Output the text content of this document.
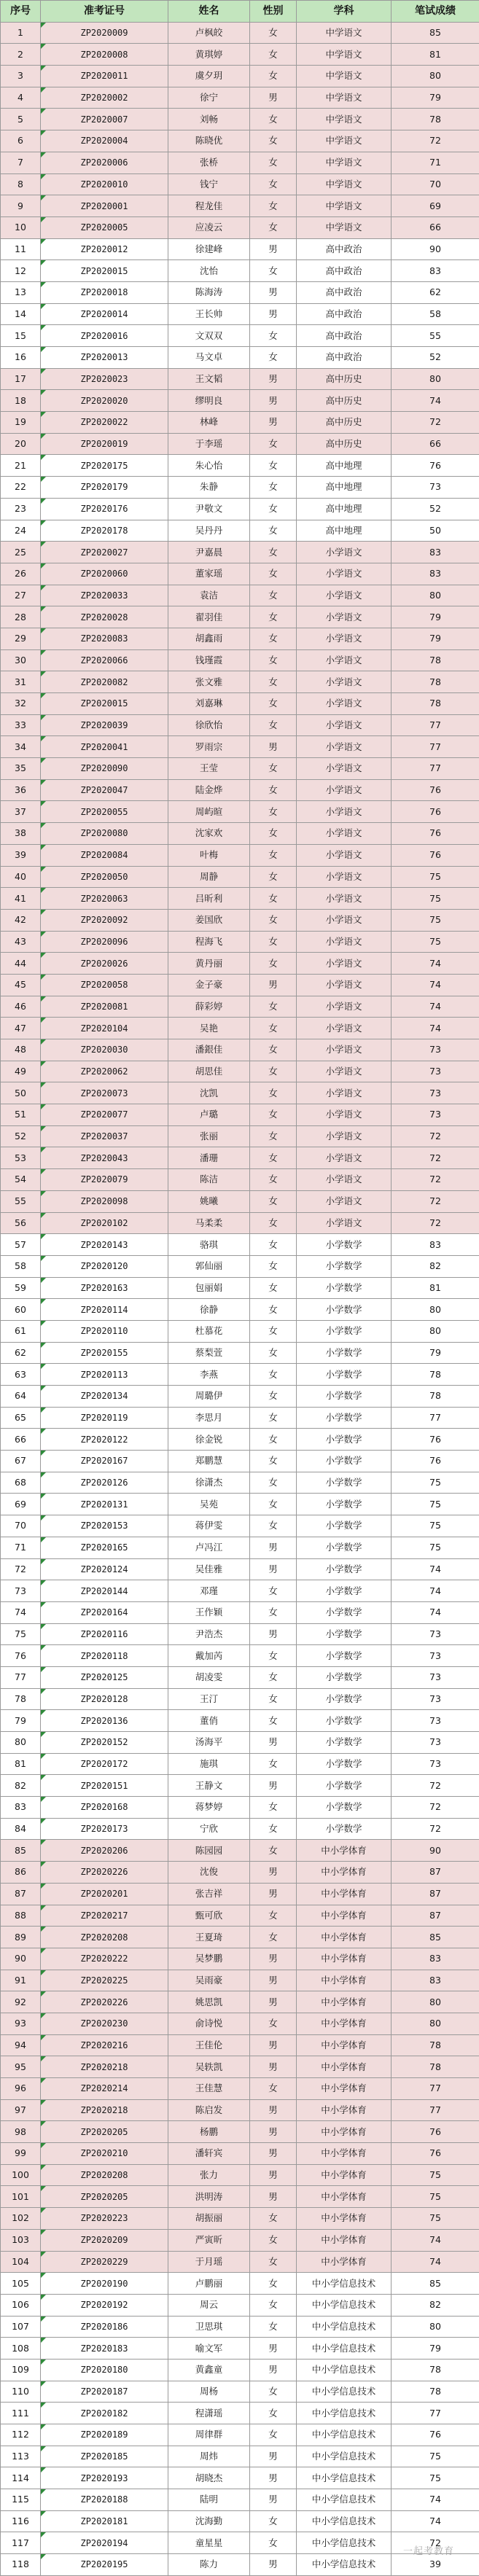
序号	准考证号	姓名	性别	学科	笔试成绩
1	ZP2020009	卢枫皎	女	中学语文	85
2	ZP2020008	黄琪婷	女	中学语文	81
3	ZP2020011	虞夕玥	女	中学语文	80
4	ZP2020002	徐宁	男	中学语文	79
5	ZP2020007	刘畅	女	中学语文	78
6	ZP2020004	陈晓优	女	中学语文	72
7	ZP2020006	张桥	女	中学语文	71
8	ZP2020010	钱宁	女	中学语文	70
9	ZP2020001	程龙佳	女	中学语文	69
10	ZP2020005	应凌云	女	中学语文	66
11	ZP2020012	徐建峰	男	高中政治	90
12	ZP2020015	沈怡	女	高中政治	83
13	ZP2020018	陈海涛	男	高中政治	62
14	ZP2020014	王长帅	男	高中政治	58
15	ZP2020016	文双双	女	高中政治	55
16	ZP2020013	马文卓	女	高中政治	52
17	ZP2020023	王文韬	男	高中历史	80
18	ZP2020020	缪明良	男	高中历史	74
19	ZP2020022	林峰	男	高中历史	72
20	ZP2020019	于李瑶	女	高中历史	66
21	ZP2020175	朱心怡	女	高中地理	76
22	ZP2020179	朱静	女	高中地理	73
23	ZP2020176	尹敬文	女	高中地理	52
24	ZP2020178	吴丹丹	女	高中地理	50
25	ZP2020027	尹嘉晨	女	小学语文	83
26	ZP2020060	董家瑶	女	小学语文	83
27	ZP2020033	袁洁	女	小学语文	80
28	ZP2020028	翟羽佳	女	小学语文	79
29	ZP2020083	胡鑫雨	女	小学语文	79
30	ZP2020066	钱瑾霞	女	小学语文	78
31	ZP2020082	张文雅	女	小学语文	78
32	ZP2020015	刘嘉琳	女	小学语文	78
33	ZP2020039	徐欣怡	女	小学语文	77
34	ZP2020041	罗雨宗	男	小学语文	77
35	ZP2020090	王莹	女	小学语文	77
36	ZP2020047	陆金烨	女	小学语文	76
37	ZP2020055	周屿暄	女	小学语文	76
38	ZP2020080	沈家欢	女	小学语文	76
39	ZP2020084	叶梅	女	小学语文	76
40	ZP2020050	周静	女	小学语文	75
41	ZP2020063	吕昕利	女	小学语文	75
42	ZP2020092	姜国欣	女	小学语文	75
43	ZP2020096	程海飞	女	小学语文	75
44	ZP2020026	黄丹丽	女	小学语文	74
45	ZP2020058	金子豪	男	小学语文	74
46	ZP2020081	薛彩婷	女	小学语文	74
47	ZP2020104	吴艳	女	小学语文	74
48	ZP2020030	潘銀佳	女	小学语文	73
49	ZP2020062	胡思佳	女	小学语文	73
50	ZP2020073	沈凯	女	小学语文	73
51	ZP2020077	卢璐	女	小学语文	73
52	ZP2020037	张丽	女	小学语文	72
53	ZP2020043	潘珊	女	小学语文	72
54	ZP2020079	陈洁	女	小学语文	72
55	ZP2020098	姚曦	女	小学语文	72
56	ZP2020102	马柔柔	女	小学语文	72
57	ZP2020143	骆琪	女	小学数学	83
58	ZP2020120	郭仙丽	女	小学数学	82
59	ZP2020163	包丽娟	女	小学数学	81
60	ZP2020114	徐静	女	小学数学	80
61	ZP2020110	杜慕花	女	小学数学	80
62	ZP2020155	蔡梨萱	女	小学数学	79
63	ZP2020113	李燕	女	小学数学	78
64	ZP2020134	周璐伊	女	小学数学	78
65	ZP2020119	李思月	女	小学数学	77
66	ZP2020122	徐金锐	女	小学数学	76
67	ZP2020167	郑鹏慧	女	小学数学	76
68	ZP2020126	徐潇杰	女	小学数学	75
69	ZP2020131	吴苑	女	小学数学	75
70	ZP2020153	蒋伊雯	女	小学数学	75
71	ZP2020165	卢冯江	男	小学数学	75
72	ZP2020124	吴佳雅	男	小学数学	74
73	ZP2020144	邓瑾	女	小学数学	74
74	ZP2020164	王作颖	女	小学数学	74
75	ZP2020116	尹浩杰	男	小学数学	73
76	ZP2020118	戴加芮	女	小学数学	73
77	ZP2020125	胡凌雯	女	小学数学	73
78	ZP2020128	王汀	女	小学数学	73
79	ZP2020136	董俏	女	小学数学	73
80	ZP2020152	汤海平	男	小学数学	73
81	ZP2020172	施琪	女	小学数学	73
82	ZP2020151	王静文	男	小学数学	72
83	ZP2020168	蒋梦婷	女	小学数学	72
84	ZP2020173	宁欣	女	小学数学	72
85	ZP2020206	陈园园	女	中小学体育	90
86	ZP2020226	沈俊	男	中小学体育	87
87	ZP2020201	张吉祥	男	中小学体育	87
88	ZP2020217	甄可欣	女	中小学体育	87
89	ZP2020208	王夏琦	女	中小学体育	85
90	ZP2020222	吴梦鹏	男	中小学体育	83
91	ZP2020225	吴雨豪	男	中小学体育	83
92	ZP2020226	姚思凯	男	中小学体育	80
93	ZP2020230	俞诗悦	女	中小学体育	80
94	ZP2020216	王佳伦	男	中小学体育	78
95	ZP2020218	吴轶凯	男	中小学体育	78
96	ZP2020214	王佳慧	女	中小学体育	77
97	ZP2020218	陈启发	男	中小学体育	77
98	ZP2020205	杨鹏	男	中小学体育	76
99	ZP2020210	潘轩宾	男	中小学体育	76
100	ZP2020208	张力	男	中小学体育	75
101	ZP2020205	洪明涛	男	中小学体育	75
102	ZP2020223	胡振丽	女	中小学体育	75
103	ZP2020209	严寅昕	女	中小学体育	74
104	ZP2020229	于月瑶	女	中小学体育	74
105	ZP2020190	卢鹏丽	女	中小学信息技术	85
106	ZP2020192	周云	女	中小学信息技术	82
107	ZP2020186	卫思琪	女	中小学信息技术	80
108	ZP2020183	喻文军	男	中小学信息技术	79
109	ZP2020180	黄鑫童	男	中小学信息技术	78
110	ZP2020187	周杨	女	中小学信息技术	78
111	ZP2020182	程潇瑶	女	中小学信息技术	77
112	ZP2020189	周律群	女	中小学信息技术	76
113	ZP2020185	周炜	男	中小学信息技术	75
114	ZP2020193	胡晓杰	男	中小学信息技术	75
115	ZP2020188	陆明	男	中小学信息技术	74
116	ZP2020181	沈海勤	女	中小学信息技术	74
117	ZP2020194	童星星	女	中小学信息技术	72
118	ZP2020195	陈力	男	中小学信息技术	39
一起考教育
